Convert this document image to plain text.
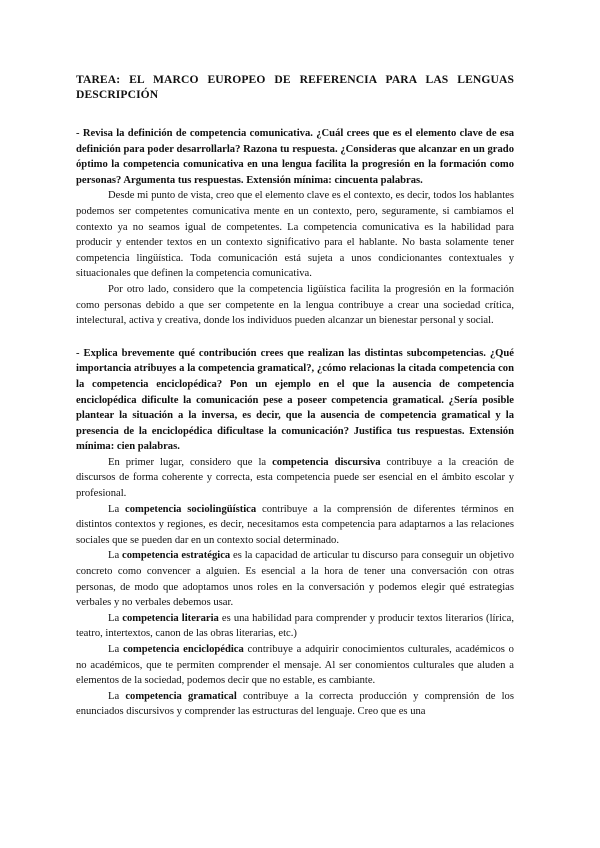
TAREA: EL MARCO EUROPEO DE REFERENCIA PARA LAS LENGUAS
DESCRIPCIÓN

- Revisa la definición de competencia comunicativa. ¿Cuál crees que es el elemento clave de esa definición para poder desarrollarla? Razona tu respuesta. ¿Consideras que alcanzar en un grado óptimo la competencia comunicativa en una lengua facilita la progresión en la formación como personas? Argumenta tus respuestas. Extensión mínima: cincuenta palabras.

Desde mi punto de vista, creo que el elemento clave es el contexto, es decir, todos los hablantes podemos ser competentes comunicativa mente en un contexto, pero, seguramente, si cambiamos el contexto ya no seamos igual de competentes. La competencia comunicativa es la habilidad para producir y entender textos en un contexto significativo para el hablante. No basta solamente tener competencia lingüística. Toda comunicación está sujeta a unos condicionantes contextuales y situacionales que definen la competencia comunicativa.

Por otro lado, considero que la competencia ligüística facilita la progresión en la formación como personas debido a que ser competente en la lengua contribuye a crear una sociedad crítica, intelectural, activa y creativa, donde los individuos pueden alcanzar un bienestar personal y social.

- Explica brevemente qué contribución crees que realizan las distintas subcompetencias. ¿Qué importancia atribuyes a la competencia gramatical?, ¿cómo relacionas la citada competencia con la competencia enciclopédica? Pon un ejemplo en el que la ausencia de competencia enciclopédica dificulte la comunicación pese a poseer competencia gramatical. ¿Sería posible plantear la situación a la inversa, es decir, que la ausencia de competencia gramatical y la presencia de la enciclopédica dificultase la comunicación? Justifica tus respuestas. Extensión mínima: cien palabras.

En primer lugar, considero que la competencia discursiva contribuye a la creación de discursos de forma coherente y correcta, esta competencia puede ser esencial en el ámbito escolar y profesional.

La competencia sociolingüística contribuye a la comprensión de diferentes términos en distintos contextos y regiones, es decir, necesitamos esta competencia para adaptarnos a las relaciones sociales que se pueden dar en un contexto social determinado.

La competencia estratégica es la capacidad de articular tu discurso para conseguir un objetivo concreto como convencer a alguien. Es esencial a la hora de tener una conversación con otras personas, de modo que adoptamos unos roles en la conversación y podemos elegir qué estrategias verbales y no verbales debemos usar.

La competencia literaria es una habilidad para comprender y producir textos literarios (lírica, teatro, intertextos, canon de las obras literarias, etc.)

La competencia enciclopédica contribuye a adquirir conocimientos culturales, académicos o no académicos, que te permiten comprender el mensaje. Al ser conomientos culturales que aluden a elementos de la sociedad, podemos decir que no estable, es cambiante.

La competencia gramatical contribuye a la correcta producción y comprensión de los enunciados discursivos y comprender las estructuras del lenguaje. Creo que es una
